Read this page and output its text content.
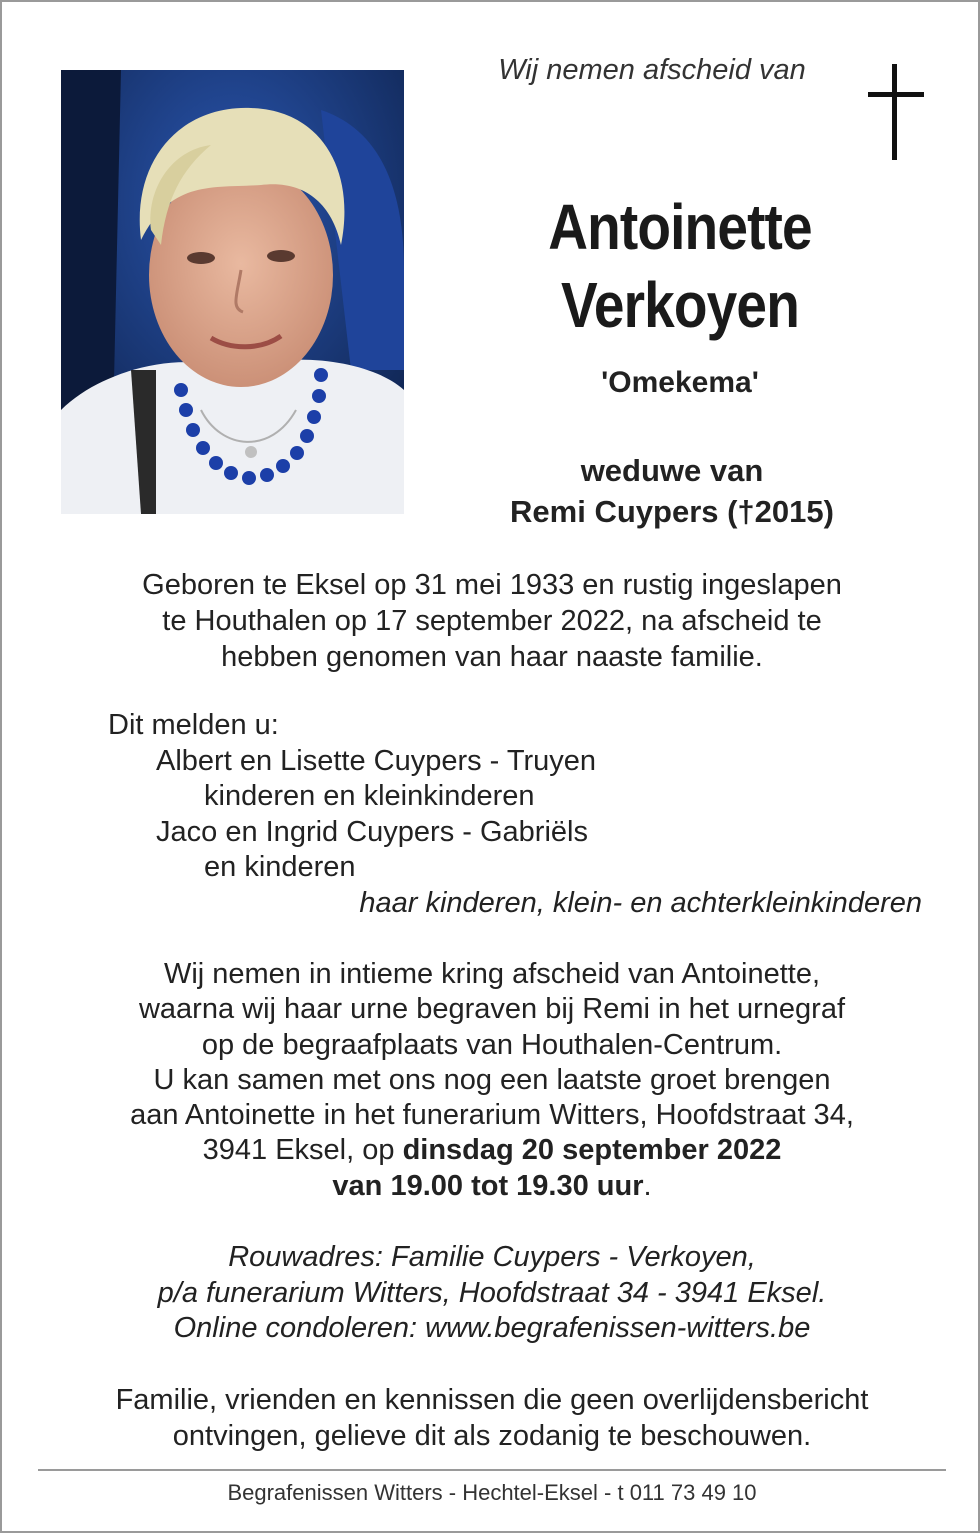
Wij nemen afscheid van
Antoinette
Verkoyen
'Omekema'
weduwe van
Remi Cuypers (†2015)
Geboren te Eksel op 31 mei 1933 en rustig ingeslapen
te Houthalen op 17 september 2022, na afscheid te
hebben genomen van haar naaste familie.
Dit melden u:
Albert en Lisette Cuypers - Truyen
kinderen en kleinkinderen
Jaco en Ingrid Cuypers - Gabriëls
en kinderen
haar kinderen, klein- en achterkleinkinderen
Wij nemen in intieme kring afscheid van Antoinette,
waarna wij haar urne begraven bij Remi in het urnegraf
op de begraafplaats van Houthalen-Centrum.
U kan samen met ons nog een laatste groet brengen
aan Antoinette in het funerarium Witters, Hoofdstraat 34,
3941 Eksel, op dinsdag 20 september 2022
van 19.00 tot 19.30 uur.
Rouwadres: Familie Cuypers - Verkoyen,
p/a funerarium Witters, Hoofdstraat 34 - 3941 Eksel.
Online condoleren: www.begrafenissen-witters.be
Familie, vrienden en kennissen die geen overlijdensbericht
ontvingen, gelieve dit als zodanig te beschouwen.
Begrafenissen Witters - Hechtel-Eksel - t 011 73 49 10
